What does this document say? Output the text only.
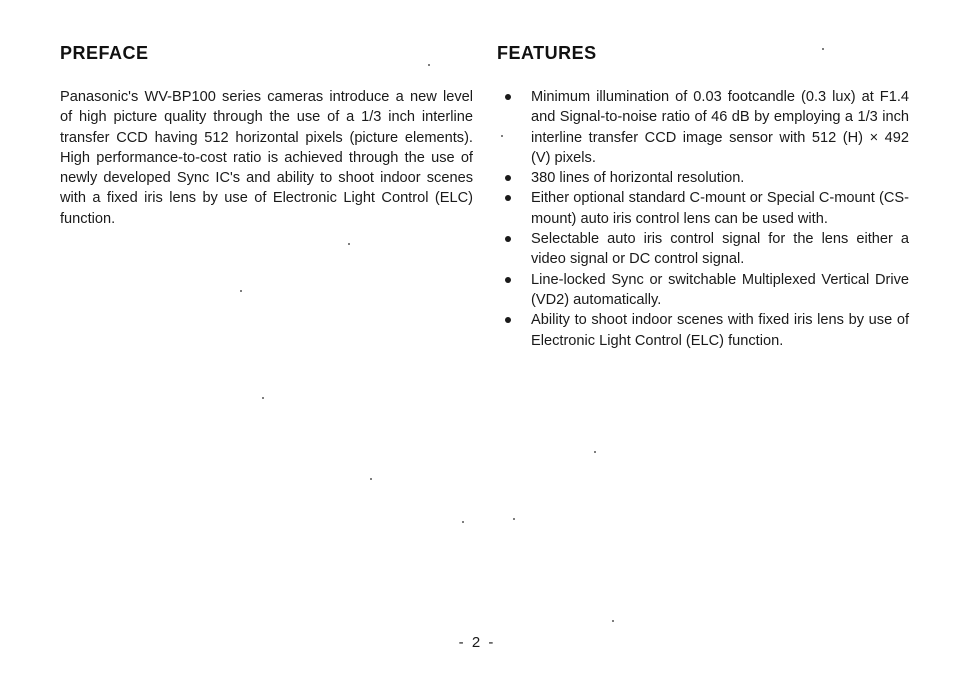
PREFACE

Panasonic's WV-BP100 series cameras introduce a new level of high picture quality through the use of a 1/3 inch interline transfer CCD having 512 horizontal pixels (picture elements). High performance-to-cost ratio is achieved through the use of newly developed Sync IC's and ability to shoot indoor scenes with a fixed iris lens by use of Electronic Light Control (ELC) function.

FEATURES
Minimum illumination of 0.03 footcandle (0.3 lux) at F1.4 and Signal-to-noise ratio of 46 dB by employing a 1/3 inch interline transfer CCD image sensor with 512 (H) × 492 (V) pixels.
380 lines of horizontal resolution.
Either optional standard C-mount or Special C-mount (CS-mount) auto iris control lens can be used with.
Selectable auto iris control signal for the lens either a video signal or DC control signal.
Line-locked Sync or switchable Multiplexed Vertical Drive (VD2) automatically.
Ability to shoot indoor scenes with fixed iris lens by use of Electronic Light Control (ELC) function.
- 2 -
